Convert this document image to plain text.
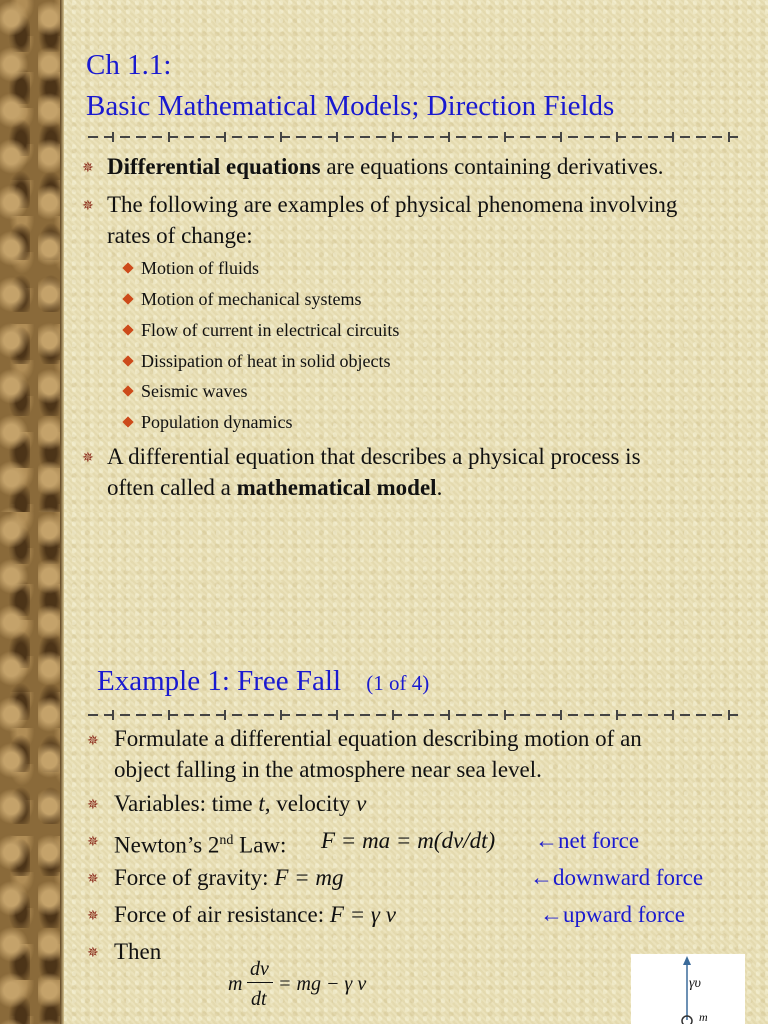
Ch 1.1:
Basic Mathematical Models; Direction Fields
✵ Differential equations are equations containing derivatives.
✵ The following are examples of physical phenomena involving
rates of change:
Motion of fluids
Motion of mechanical systems
Flow of current in electrical circuits
Dissipation of heat in solid objects
Seismic waves
Population dynamics
✵ A differential equation that describes a physical process is
often called a mathematical model.
Example 1: Free Fall (1 of 4)
✵ Formulate a differential equation describing motion of an
object falling in the atmosphere near sea level.
✵ Variables: time t, velocity v
✵ Newton’s 2nd Law: F = ma = m(dv/dt) ←net force
✵ Force of gravity: F = mg	←downward force
✵ Force of air resistance: F = γ v	←upward force
✵ Then
m
dv
dt
= mg − γ v	γυ
m
